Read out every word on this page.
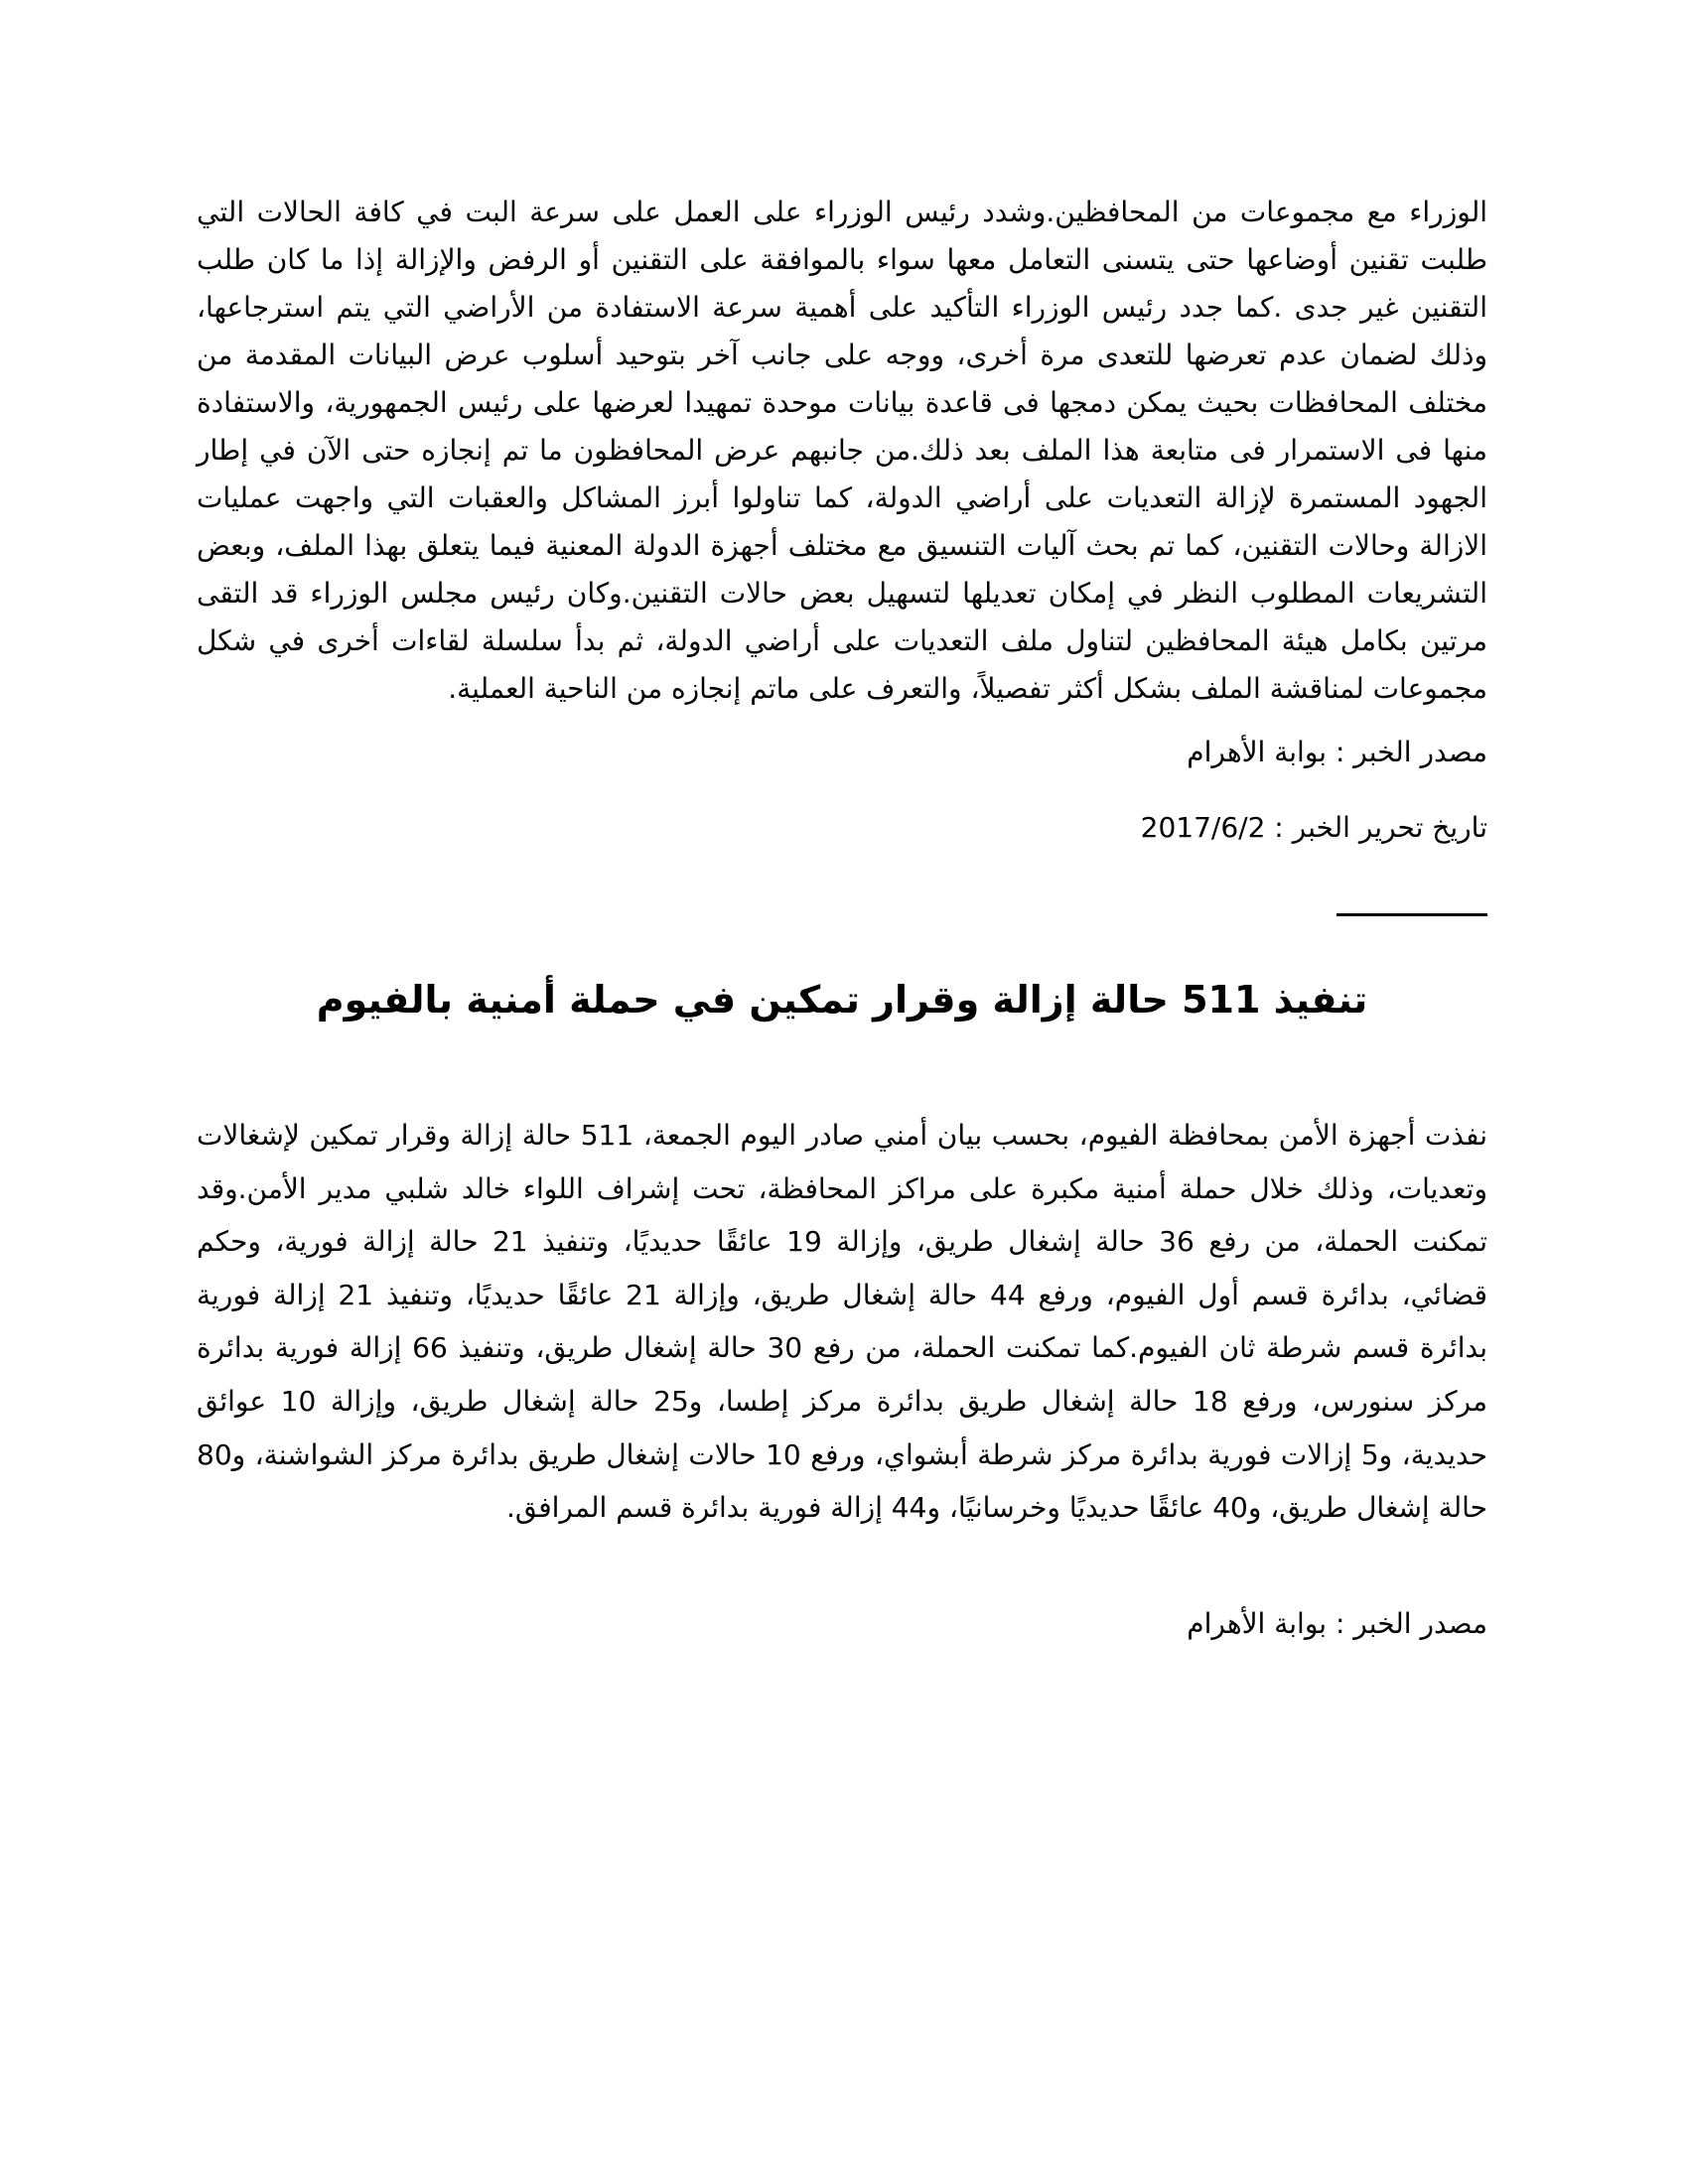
الوزراء مع مجموعات من المحافظين.وشدد رئيس الوزراء على العمل على سرعة البت في كافة الحالات التي طلبت تقنين أوضاعها حتى يتسنى التعامل معها سواء بالموافقة على التقنين أو الرفض والإزالة إذا ما كان طلب التقنين غير جدى .كما جدد رئيس الوزراء التأكيد على أهمية سرعة الاستفادة من الأراضي التي يتم استرجاعها، وذلك لضمان عدم تعرضها للتعدى مرة أخرى، ووجه على جانب آخر بتوحيد أسلوب عرض البيانات المقدمة من مختلف المحافظات بحيث يمكن دمجها فى قاعدة بيانات موحدة تمهيدا لعرضها على رئيس الجمهورية، والاستفادة منها فى الاستمرار فى متابعة هذا الملف بعد ذلك.من جانبهم عرض المحافظون ما تم إنجازه حتى الآن في إطار الجهود المستمرة لإزالة التعديات على أراضي الدولة، كما تناولوا أبرز المشاكل والعقبات التي واجهت عمليات الازالة وحالات التقنين، كما تم بحث آليات التنسيق مع مختلف أجهزة الدولة المعنية فيما يتعلق بهذا الملف، وبعض التشريعات المطلوب النظر في إمكان تعديلها لتسهيل بعض حالات التقنين.وكان رئيس مجلس الوزراء قد التقى مرتين بكامل هيئة المحافظين لتناول ملف التعديات على أراضي الدولة، ثم بدأ سلسلة لقاءات أخرى في شكل مجموعات لمناقشة الملف بشكل أكثر تفصيلاً، والتعرف على ماتم إنجازه من الناحية العملية.

مصدر الخبر : بوابة الأهرام

تاريخ تحرير الخبر : 2017/6/2

تنفيذ 511 حالة إزالة وقرار تمكين في حملة أمنية بالفيوم

نفذت أجهزة الأمن بمحافظة الفيوم، بحسب بيان أمني صادر اليوم الجمعة، 511 حالة إزالة وقرار تمكين لإشغالات وتعديات، وذلك خلال حملة أمنية مكبرة على مراكز المحافظة، تحت إشراف اللواء خالد شلبي مدير الأمن.وقد تمكنت الحملة، من رفع 36 حالة إشغال طريق، وإزالة 19 عائقًا حديديًا، وتنفيذ 21 حالة إزالة فورية، وحكم قضائي، بدائرة قسم أول الفيوم، ورفع 44 حالة إشغال طريق، وإزالة 21 عائقًا حديديًا، وتنفيذ 21 إزالة فورية بدائرة قسم شرطة ثان الفيوم.كما تمكنت الحملة، من رفع 30 حالة إشغال طريق، وتنفيذ 66 إزالة فورية بدائرة مركز سنورس، ورفع 18 حالة إشغال طريق بدائرة مركز إطسا، و25 حالة إشغال طريق، وإزالة 10 عوائق حديدية، و5 إزالات فورية بدائرة مركز شرطة أبشواي، ورفع 10 حالات إشغال طريق بدائرة مركز الشواشنة، و80 حالة إشغال طريق، و40 عائقًا حديديًا وخرسانيًا، و44 إزالة فورية بدائرة قسم المرافق.

مصدر الخبر : بوابة الأهرام
